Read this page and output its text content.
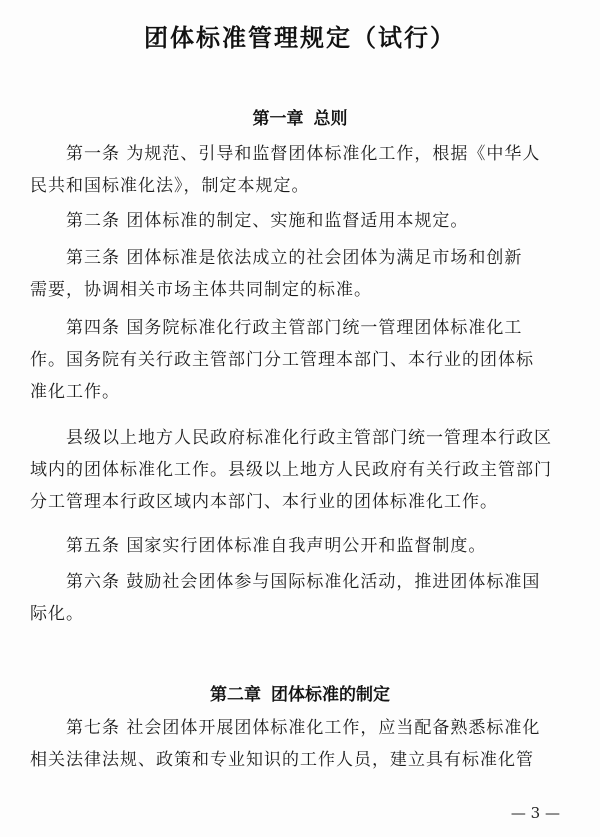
团体标准管理规定（试行）
第一章 总则

第一条 为规范、引导和监督团体标准化工作，根据《中华人
民共和国标准化法》，制定本规定。

第二条 团体标准的制定、实施和监督适用本规定。

第三条 团体标准是依法成立的社会团体为满足市场和创新
需要，协调相关市场主体共同制定的标准。

第四条 国务院标准化行政主管部门统一管理团体标准化工
作。国务院有关行政主管部门分工管理本部门、本行业的团体标
准化工作。

县级以上地方人民政府标准化行政主管部门统一管理本行政区
域内的团体标准化工作。县级以上地方人民政府有关行政主管部门
分工管理本行政区域内本部门、本行业的团体标准化工作。

第五条 国家实行团体标准自我声明公开和监督制度。

第六条 鼓励社会团体参与国际标准化活动，推进团体标准国
际化。

第二章 团体标准的制定

第七条 社会团体开展团体标准化工作，应当配备熟悉标准化
相关法律法规、政策和专业知识的工作人员，建立具有标准化管

— 3 —
